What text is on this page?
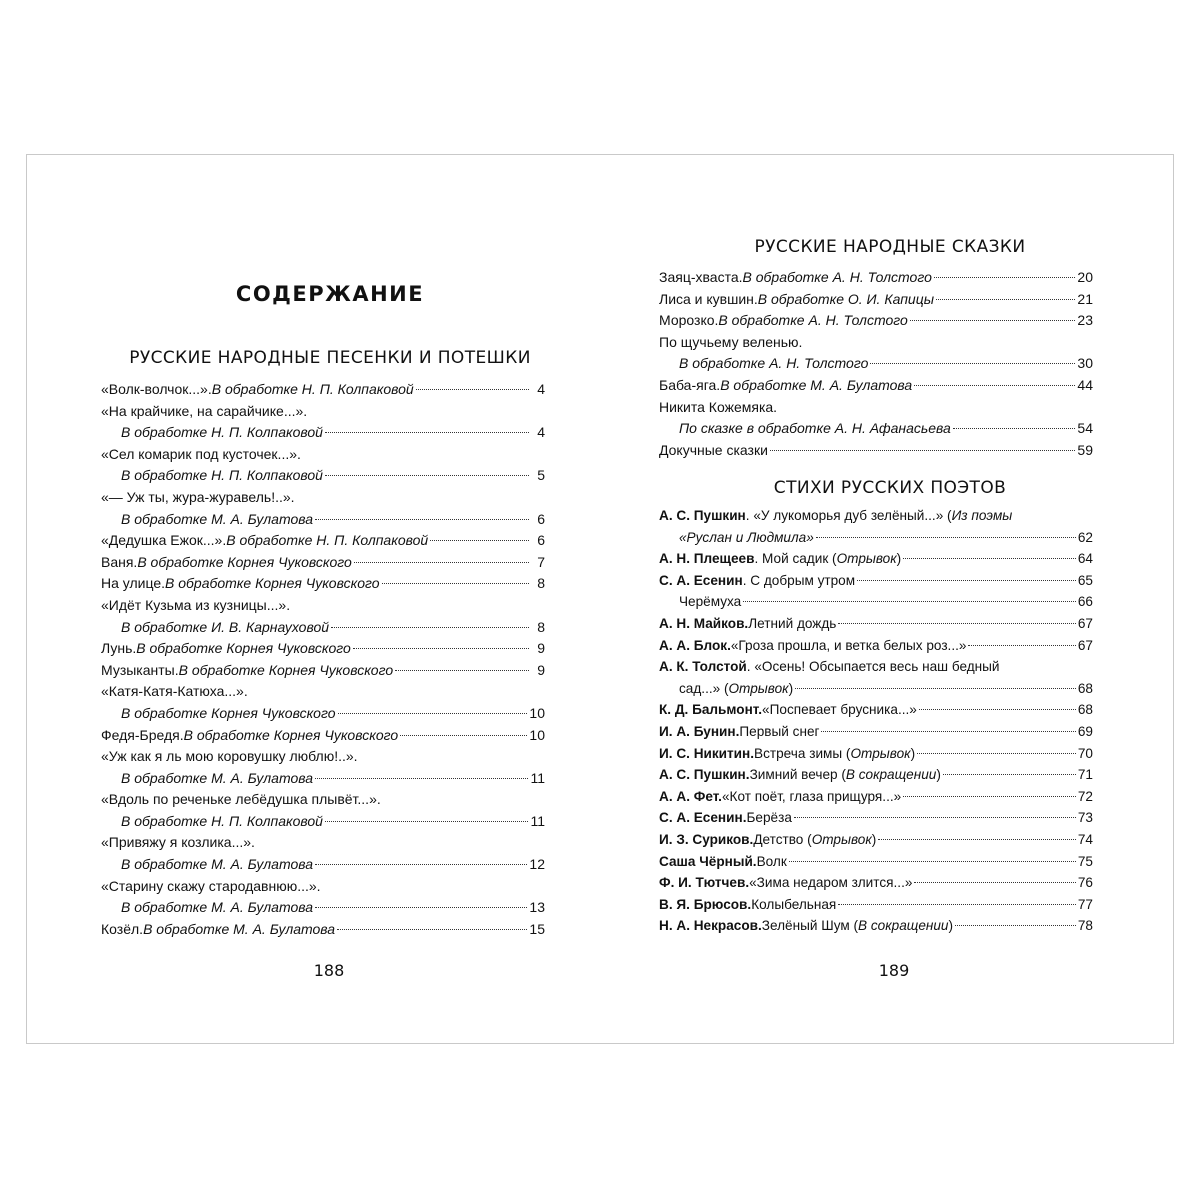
СОДЕРЖАНИЕ
РУССКИЕ НАРОДНЫЕ ПЕСЕНКИ И ПОТЕШКИ
«Волк-волчок...». В обработке Н. П. Колпаковой	4
«На крайчике, на сарайчике...».
В обработке Н. П. Колпаковой	4
«Сел комарик под кусточек...».
В обработке Н. П. Колпаковой	5
«— Уж ты, жура-журавель!..».
В обработке М. А. Булатова	6
«Дедушка Ежок...». В обработке Н. П. Колпаковой	6
Ваня. В обработке Корнея Чуковского	7
На улице. В обработке Корнея Чуковского	8
«Идёт Кузьма из кузницы...».
В обработке И. В. Карнауховой	8
Лунь. В обработке Корнея Чуковского	9
Музыканты. В обработке Корнея Чуковского	9
«Катя-Катя-Катюха...».
В обработке Корнея Чуковского	10
Федя-Бредя. В обработке Корнея Чуковского	10
«Уж как я ль мою коровушку люблю!..».
В обработке М. А. Булатова	11
«Вдоль по реченьке лебёдушка плывёт...».
В обработке Н. П. Колпаковой	11
«Привяжу я козлика...».
В обработке М. А. Булатова	12
«Старину скажу стародавнюю...».
В обработке М. А. Булатова	13
Козёл. В обработке М. А. Булатова	15

188

РУССКИЕ НАРОДНЫЕ СКАЗКИ
Заяц-хваста. В обработке А. Н. Толстого	20
Лиса и кувшин. В обработке О. И. Капицы	21
Морозко. В обработке А. Н. Толстого	23
По щучьему веленью.
В обработке А. Н. Толстого	30
Баба-яга. В обработке М. А. Булатова	44
Никита Кожемяка.
По сказке в обработке А. Н. Афанасьева	54
Докучные сказки	59
СТИХИ РУССКИХ ПОЭТОВ
А. С. Пушкин . «У лукоморья дуб зелёный...» ( Из поэмы
«Руслан и Людмила»	62
А. Н. Плещеев . Мой садик ( Отрывок )	64
С. А. Есенин . С добрым утром	65
Черёмуха	66
А. Н. Майков. Летний дождь	67
А. А. Блок. «Гроза прошла, и ветка белых роз...»	67
А. К. Толстой . «Осень! Обсыпается весь наш бедный
сад...» ( Отрывок )	68
К. Д. Бальмонт. «Поспевает брусника...»	68
И. А. Бунин. Первый снег	69
И. С. Никитин. Встреча зимы ( Отрывок )	70
А. С. Пушкин. Зимний вечер ( В сокращении )	71
А. А. Фет. «Кот поёт, глаза прищуря...»	72
С. А. Есенин. Берёза	73
И. З. Суриков. Детство ( Отрывок )	74
Саша Чёрный. Волк	75
Ф. И. Тютчев. «Зима недаром злится...»	76
В. Я. Брюсов. Колыбельная	77
Н. А. Некрасов. Зелёный Шум ( В сокращении )	78

189
